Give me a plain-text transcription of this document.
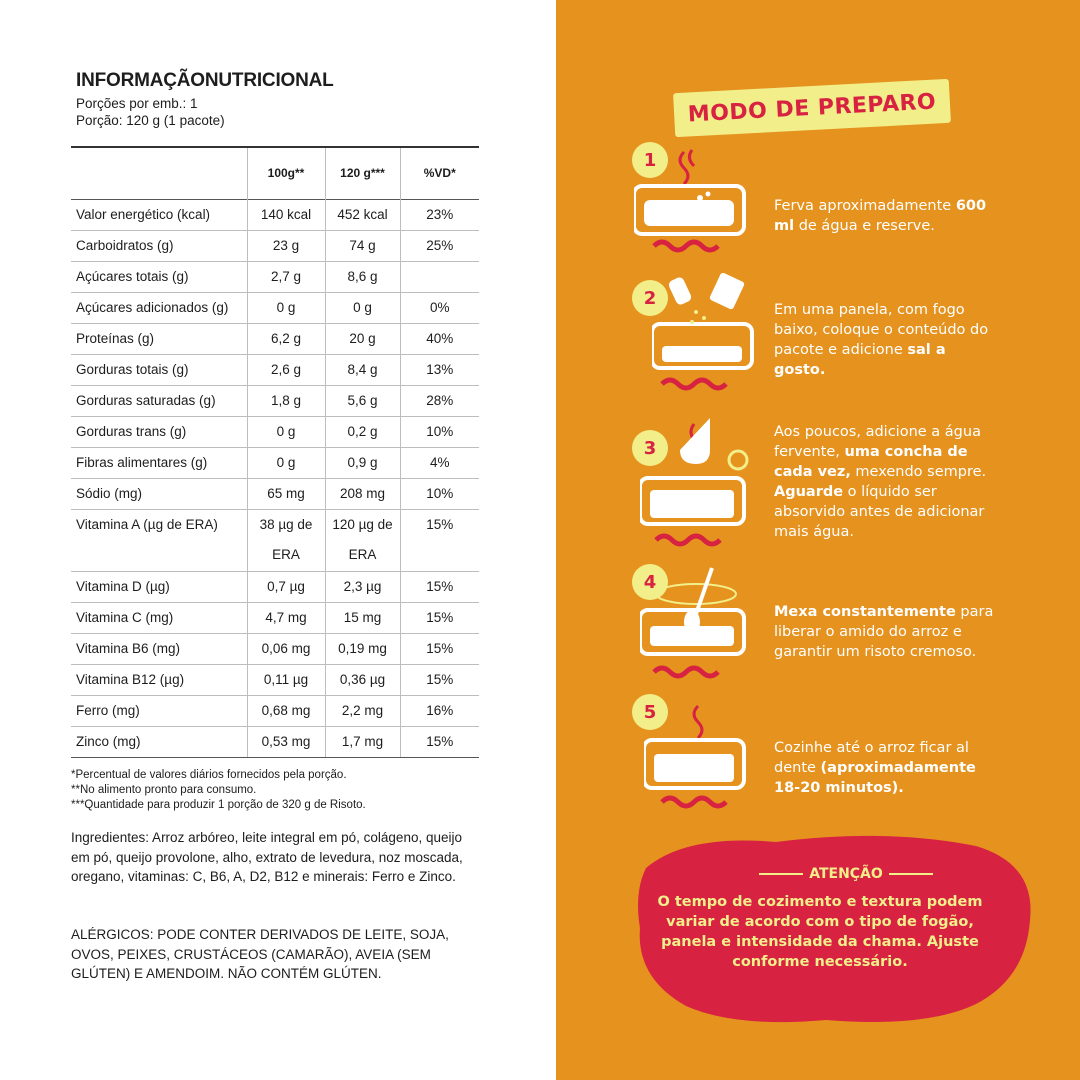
INFORMAÇÃONUTRICIONAL
Porções por emb.: 1
Porção: 120 g (1 pacote)
	100g**	120 g***	%VD*
Valor energético (kcal)	140 kcal	452 kcal	23%
Carboidratos (g)	23 g	74 g	25%
Açúcares totais (g)	2,7 g	8,6 g	
Açúcares adicionados (g)	0 g	0 g	0%
Proteínas (g)	6,2 g	20 g	40%
Gorduras totais (g)	2,6 g	8,4 g	13%
Gorduras saturadas (g)	1,8 g	5,6 g	28%
Gorduras trans (g)	0 g	0,2 g	10%
Fibras alimentares (g)	0 g	0,9 g	4%
Sódio (mg)	65 mg	208 mg	10%
Vitamina A (µg de ERA)	38 µg de ERA	120 µg de ERA	15%
Vitamina D (µg)	0,7 µg	2,3 µg	15%
Vitamina C (mg)	4,7 mg	15 mg	15%
Vitamina B6 (mg)	0,06 mg	0,19 mg	15%
Vitamina B12 (µg)	0,11 µg	0,36 µg	15%
Ferro (mg)	0,68 mg	2,2 mg	16%
Zinco (mg)	0,53 mg	1,7 mg	15%
*Percentual de valores diários fornecidos pela porção.
**No alimento pronto para consumo.
***Quantidade para produzir 1 porção de 320 g de Risoto.
Ingredientes: Arroz arbóreo, leite integral em pó, colágeno, queijo em pó, queijo provolone, alho, extrato de levedura, noz moscada, oregano, vitaminas: C, B6, A, D2, B12 e minerais: Ferro e Zinco.
ALÉRGICOS: PODE CONTER DERIVADOS DE LEITE, SOJA, OVOS, PEIXES, CRUSTÁCEOS (CAMARÃO), AVEIA (SEM GLÚTEN) E AMENDOIM. NÃO CONTÉM GLÚTEN.
MODO DE PREPARO
1
Ferva aproximadamente 600 ml de água e reserve.
2
Em uma panela, com fogo baixo, coloque o conteúdo do pacote e adicione sal a gosto.
3
Aos poucos, adicione a água fervente, uma concha de cada vez, mexendo sempre. Aguarde o líquido ser absorvido antes de adicionar mais água.
4
Mexa constantemente para liberar o amido do arroz e garantir um risoto cremoso.
5
Cozinhe até o arroz ficar al dente (aproximadamente 18-20 minutos).
ATENÇÃO
O tempo de cozimento e textura podem variar de acordo com o tipo de fogão, panela e intensidade da chama. Ajuste conforme necessário.
